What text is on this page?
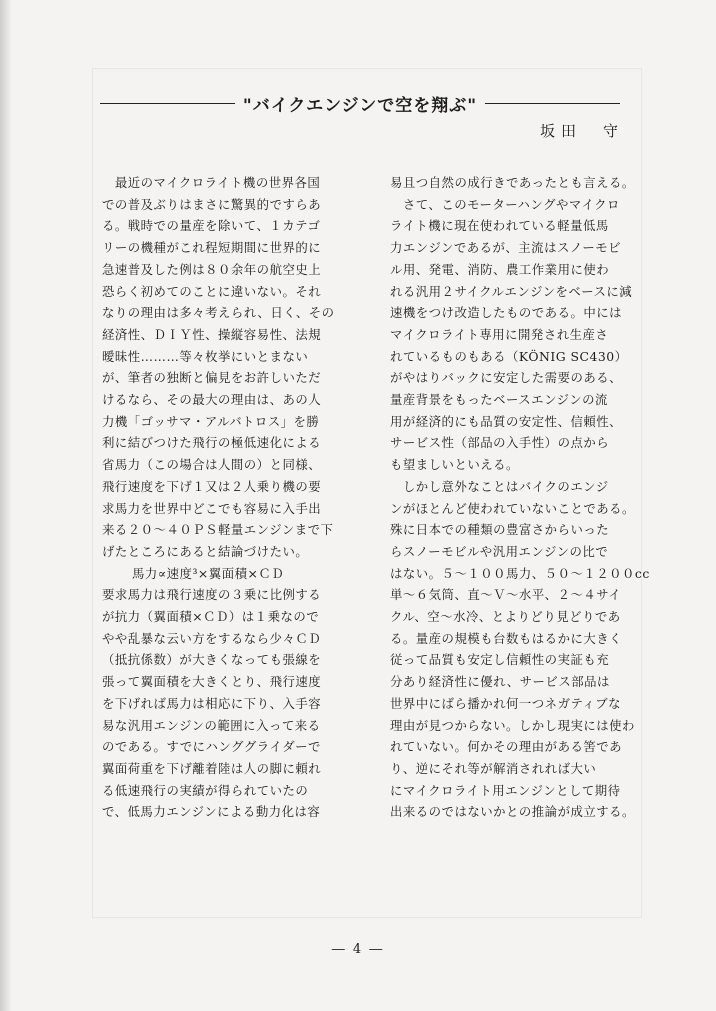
"バイクエンジンで空を翔ぶ"
坂田　守
　最近のマイクロライト機の世界各国
での普及ぶりはまさに驚異的ですらあ
る。戦時での量産を除いて、１カテゴ
リーの機種がこれ程短期間に世界的に
急速普及した例は８０余年の航空史上
恐らく初めてのことに違いない。それ
なりの理由は多々考えられ、日く、その
経済性、ＤＩＹ性、操縦容易性、法規
曖昧性………等々枚挙にいとまない
が、筆者の独断と偏見をお許しいただ
けるなら、その最大の理由は、あの人
力機「ゴッサマ・アルバトロス」を勝
利に結びつけた飛行の極低速化による
省馬力（この場合は人間の）と同様、
飛行速度を下げ１又は２人乗り機の要
求馬力を世界中どこでも容易に入手出
来る２０～４０ＰＳ軽量エンジンまで下
げたところにあると結論づけたい。
馬力∝速度³×翼面積×ＣＤ
要求馬力は飛行速度の３乗に比例する
が抗力（翼面積×ＣＤ）は１乗なので
やや乱暴な云い方をするなら少々ＣＤ
（抵抗係数）が大きくなっても張線を
張って翼面積を大きくとり、飛行速度
を下げれば馬力は相応に下り、入手容
易な汎用エンジンの範囲に入って来る
のである。すでにハンググライダーで
翼面荷重を下げ離着陸は人の脚に頼れ
る低速飛行の実績が得られていたの
で、低馬力エンジンによる動力化は容
易且つ自然の成行きであったとも言える。
　さて、このモーターハングやマイクロ
ライト機に現在使われている軽量低馬
力エンジンであるが、主流はスノーモビ
ル用、発電、消防、農工作業用に使わ
れる汎用２サイクルエンジンをベースに減
速機をつけ改造したものである。中には
マイクロライト専用に開発され生産さ
れているものもある（KÖNIG SC430）
がやはりバックに安定した需要のある、
量産背景をもったベースエンジンの流
用が経済的にも品質の安定性、信頼性、
サービス性（部品の入手性）の点から
も望ましいといえる。
　しかし意外なことはバイクのエンジ
ンがほとんど使われていないことである。
殊に日本での種類の豊富さからいった
らスノーモビルや汎用エンジンの比で
はない。５～１００馬力、５０～１２００cc
単～６気筒、直～Ｖ～水平、２～４サイ
クル、空～水冷、とよりどり見どりであ
る。量産の規模も台数もはるかに大きく
従って品質も安定し信頼性の実証も充
分あり経済性に優れ、サービス部品は
世界中にばら播かれ何一つネガティブな
理由が見つからない。しかし現実には使わ
れていない。何かその理由がある筈であ
り、逆にそれ等が解消されれば大い
にマイクロライト用エンジンとして期待
出来るのではないかとの推論が成立する。
― 4 ―
